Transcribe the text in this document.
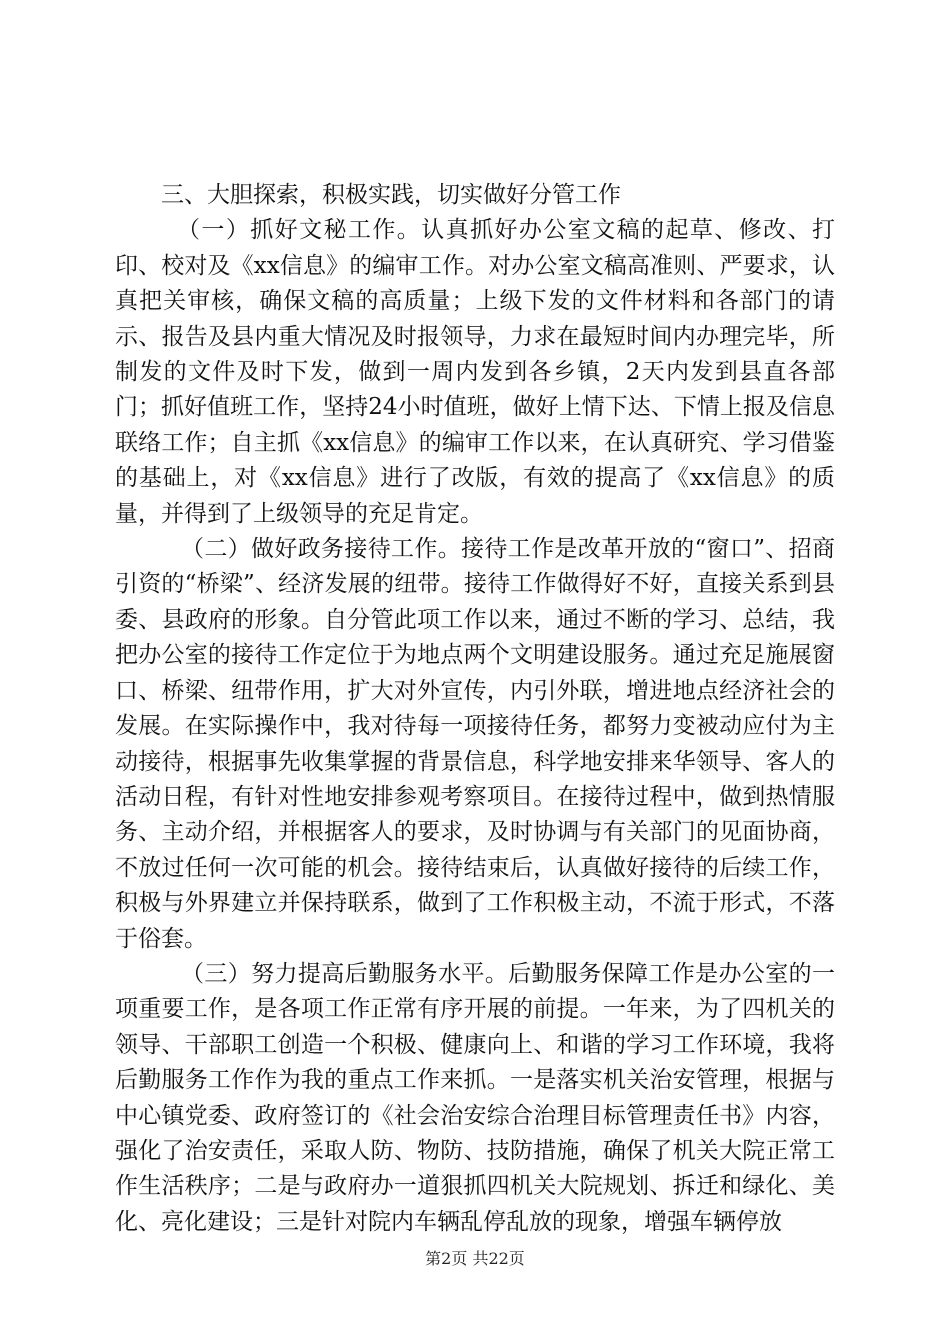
三、大胆探索，积极实践，切实做好分管工作

（一）抓好文秘工作。认真抓好办公室文稿的起草、修改、打印、校对及《xx信息》的编审工作。对办公室文稿高准则、严要求，认真把关审核，确保文稿的高质量；上级下发的文件材料和各部门的请示、报告及县内重大情况及时报领导，力求在最短时间内办理完毕，所制发的文件及时下发，做到一周内发到各乡镇，2天内发到县直各部门；抓好值班工作，坚持24小时值班，做好上情下达、下情上报及信息联络工作；自主抓《xx信息》的编审工作以来，在认真研究、学习借鉴的基础上，对《xx信息》进行了改版，有效的提高了《xx信息》的质量，并得到了上级领导的充足肯定。

（二）做好政务接待工作。接待工作是改革开放的“窗口”、招商引资的“桥梁”、经济发展的纽带。接待工作做得好不好，直接关系到县委、县政府的形象。自分管此项工作以来，通过不断的学习、总结，我把办公室的接待工作定位于为地点两个文明建设服务。通过充足施展窗口、桥梁、纽带作用，扩大对外宣传，内引外联，增进地点经济社会的发展。在实际操作中，我对待每一项接待任务，都努力变被动应付为主动接待，根据事先收集掌握的背景信息，科学地安排来华领导、客人的活动日程，有针对性地安排参观考察项目。在接待过程中，做到热情服务、主动介绍，并根据客人的要求，及时协调与有关部门的见面协商，不放过任何一次可能的机会。接待结束后，认真做好接待的后续工作，积极与外界建立并保持联系，做到了工作积极主动，不流于形式，不落于俗套。

（三）努力提高后勤服务水平。后勤服务保障工作是办公室的一项重要工作，是各项工作正常有序开展的前提。一年来，为了四机关的领导、干部职工创造一个积极、健康向上、和谐的学习工作环境，我将后勤服务工作作为我的重点工作来抓。一是落实机关治安管理，根据与中心镇党委、政府签订的《社会治安综合治理目标管理责任书》内容，强化了治安责任，采取人防、物防、技防措施，确保了机关大院正常工作生活秩序；二是与政府办一道狠抓四机关大院规划、拆迁和绿化、美化、亮化建设；三是针对院内车辆乱停乱放的现象，增强车辆停放

第2页 共22页
